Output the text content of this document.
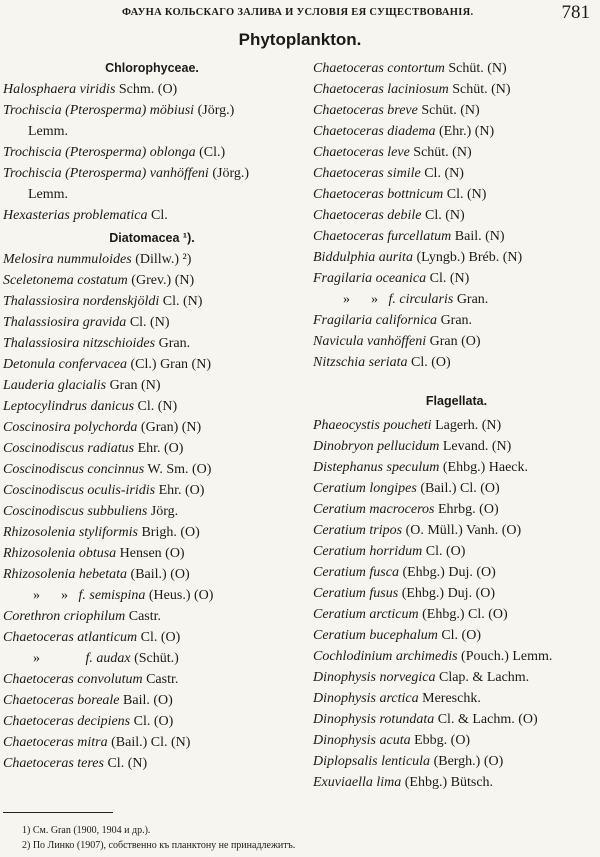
ФАУНА КОЛЬСКАГО ЗАЛИВА И УСЛОВІЯ ЕЯ СУЩЕСТВОВАНІЯ.	781
Phytoplankton.
Chlorophyceae.
Halosphaera viridis Schm. (O)
Trochiscia (Pterosperma) möbiusi (Jörg.)
Lemm.
Trochiscia (Pterosperma) oblonga (Cl.)
Trochiscia (Pterosperma) vanhöffeni (Jörg.)
Lemm.
Hexasterias problematica Cl.
Diatomacea ¹).
Melosira nummuloides (Dillw.) ²)
Sceletonema costatum (Grev.) (N)
Thalassiosira nordenskjöldi Cl. (N)
Thalassiosira gravida Cl. (N)
Thalassiosira nitzschioides Gran.
Detonula confervacea (Cl.) Gran (N)
Lauderia glacialis Gran (N)
Leptocylindrus danicus Cl. (N)
Coscinosira polychorda (Gran) (N)
Coscinodiscus radiatus Ehr. (O)
Coscinodiscus concinnus W. Sm. (O)
Coscinodiscus oculis-iridis Ehr. (O)
Coscinodiscus subbuliens Jörg.
Rhizosolenia styliformis Brigh. (O)
Rhizosolenia obtusa Hensen (O)
Rhizosolenia hebetata (Bail.) (O)
»      »   f. semispina (Heus.) (O)
Corethron criophilum Castr.
Chaetoceras atlanticum Cl. (O)
»             f. audax (Schüt.)
Chaetoceras convolutum Castr.
Chaetoceras boreale Bail. (O)
Chaetoceras decipiens Cl. (O)
Chaetoceras mitra (Bail.) Cl. (N)
Chaetoceras teres Cl. (N)
Chaetoceras contortum Schüt. (N)
Chaetoceras laciniosum Schüt. (N)
Chaetoceras breve Schüt. (N)
Chaetoceras diadema (Ehr.) (N)
Chaetoceras leve Schüt. (N)
Chaetoceras simile Cl. (N)
Chaetoceras bottnicum Cl. (N)
Chaetoceras debile Cl. (N)
Chaetoceras furcellatum Bail. (N)
Biddulphia aurita (Lyngb.) Bréb. (N)
Fragilaria oceanica Cl. (N)
»      »   f. circularis Gran.
Fragilaria californica Gran.
Navicula vanhöffeni Gran (O)
Nitzschia seriata Cl. (O)
Flagellata.
Phaeocystis poucheti Lagerh. (N)
Dinobryon pellucidum Levand. (N)
Distephanus speculum (Ehbg.) Haeck.
Ceratium longipes (Bail.) Cl. (O)
Ceratium macroceros Ehrbg. (O)
Ceratium tripos (O. Müll.) Vanh. (O)
Ceratium horridum Cl. (O)
Ceratium fusca (Ehbg.) Duj. (O)
Ceratium fusus (Ehbg.) Duj. (O)
Ceratium arcticum (Ehbg.) Cl. (O)
Ceratium bucephalum Cl. (O)
Cochlodinium archimedis (Pouch.) Lemm.
Dinophysis norvegica Clap. & Lachm.
Dinophysis arctica Mereschk.
Dinophysis rotundata Cl. & Lachm. (O)
Dinophysis acuta Ebbg. (O)
Diplopsalis lenticula (Bergh.) (O)
Exuviaella lima (Ehbg.) Bütsch.
1) См. Gran (1900, 1904 и др.).
2) По Линко (1907), собственно къ планктону не принадлежитъ.
